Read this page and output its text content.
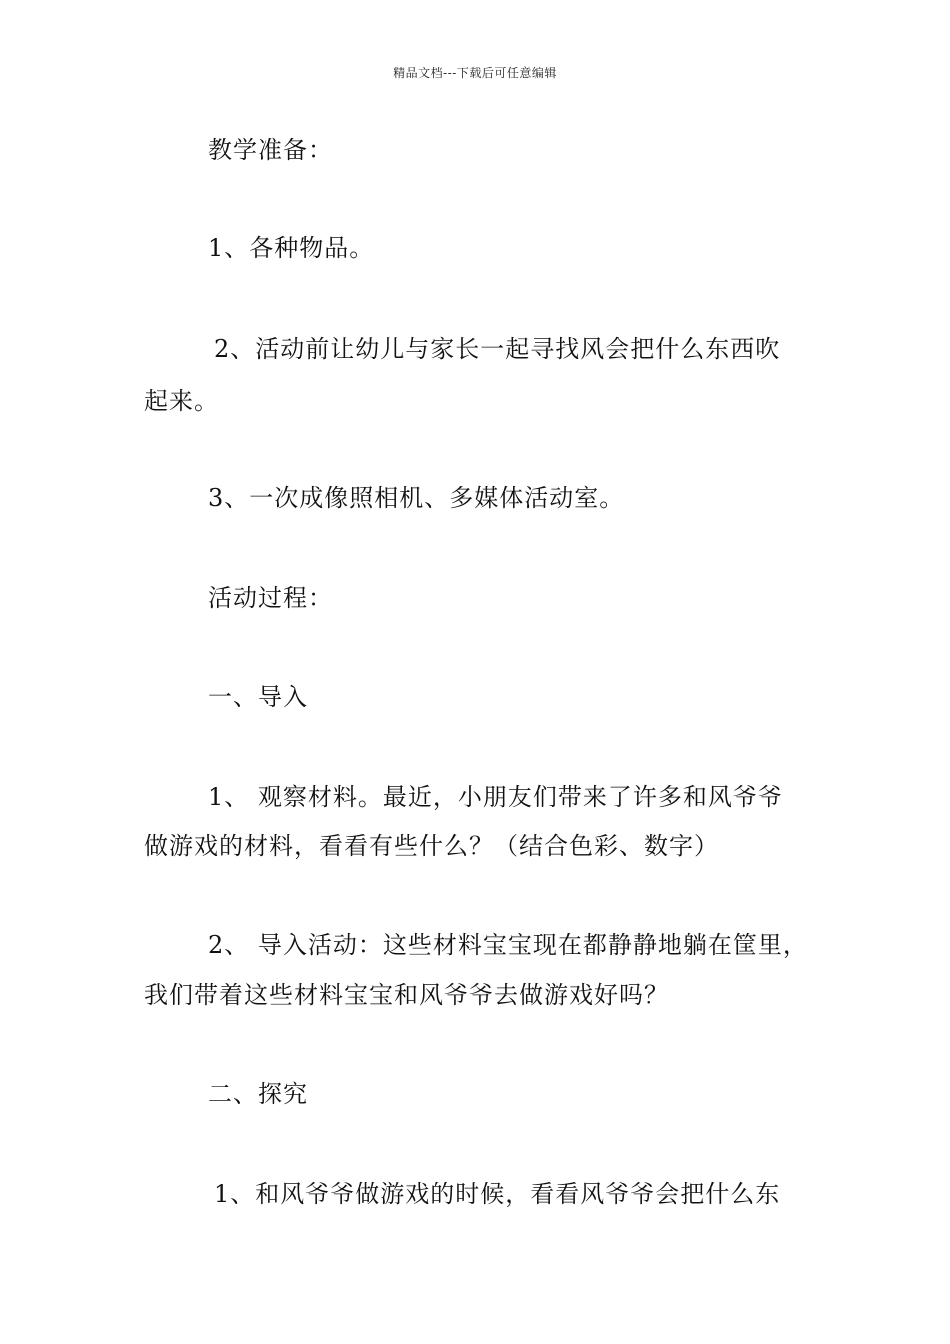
精品文档---下载后可任意编辑
教学准备：
1、各种物品。
2、活动前让幼儿与家长一起寻找风会把什么东西吹
起来。
3、一次成像照相机、多媒体活动室。
活动过程：
一、导入
1、 观察材料。最近，小朋友们带来了许多和风爷爷
做游戏的材料，看看有些什么？（结合色彩、数字）
2、 导入活动：这些材料宝宝现在都静静地躺在筐里，
我们带着这些材料宝宝和风爷爷去做游戏好吗？
二、探究
1、和风爷爷做游戏的时候，看看风爷爷会把什么东
